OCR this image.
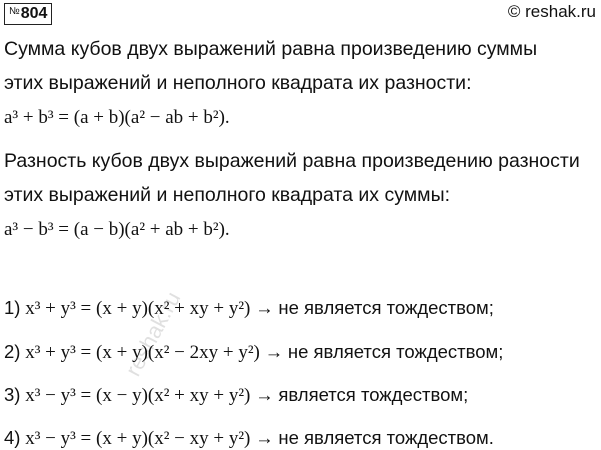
№ 804	© reshak.ru
Сумма кубов двух выражений равна произведению суммы
этих выражений и неполного квадрата их разности:
a³ + b³ = (a + b)(a² − ab + b²).
Разность кубов двух выражений равна произведению разности
этих выражений и неполного квадрата их суммы:
a³ − b³ = (a − b)(a² + ab + b²).
1) x³ + y³ = (x + y)(x² + xy + y²) → не является тождеством;
2) x³ + y³ = (x + y)(x² − 2xy + y²) → не является тождеством;
3) x³ − y³ = (x − y)(x² + xy + y²) → является тождеством;
4) x³ − y³ = (x + y)(x² − xy + y²) → не является тождеством.
reshak.ru
